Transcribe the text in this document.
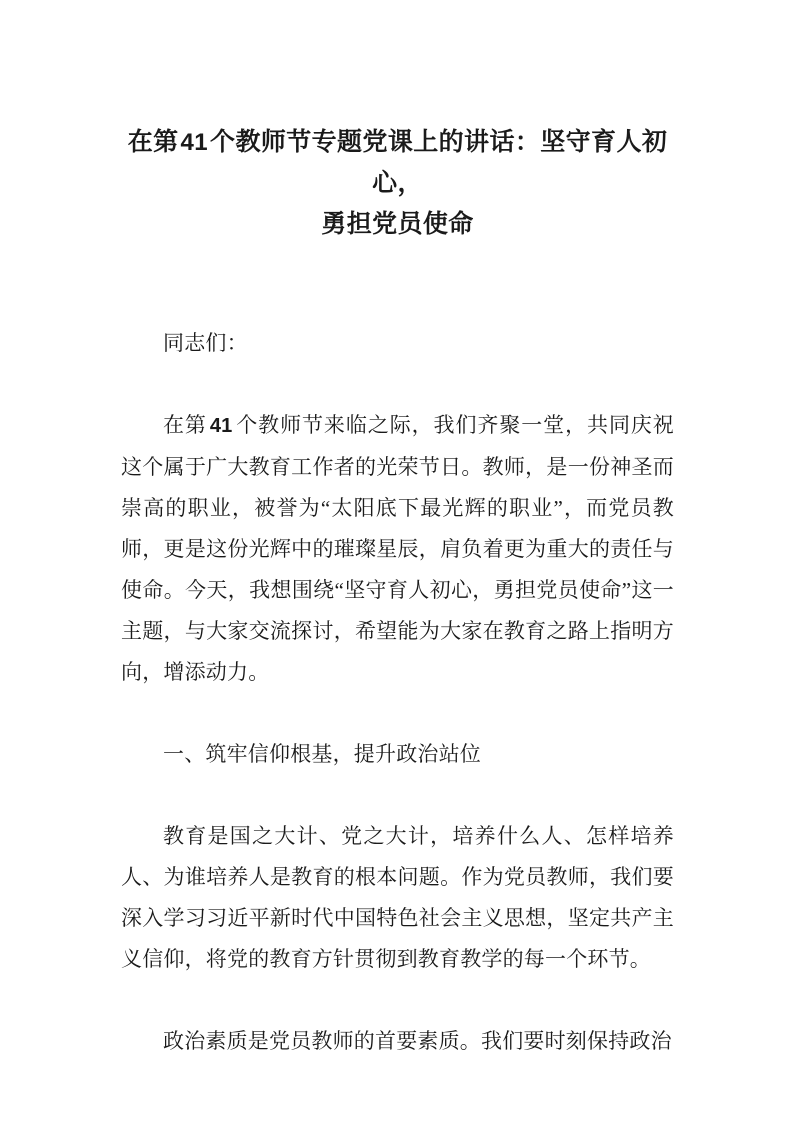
在第41个教师节专题党课上的讲话：坚守育人初心，
勇担党员使命

同志们：

在第 41 个教师节来临之际，我们齐聚一堂，共同庆祝这个属于广大教育工作者的光荣节日。教师，是一份神圣而崇高的职业，被誉为“太阳底下最光辉的职业”，而党员教师，更是这份光辉中的璀璨星辰，肩负着更为重大的责任与使命。今天，我想围绕“坚守育人初心，勇担党员使命”这一主题，与大家交流探讨，希望能为大家在教育之路上指明方向，增添动力。

一、筑牢信仰根基，提升政治站位

教育是国之大计、党之大计，培养什么人、怎样培养人、为谁培养人是教育的根本问题。作为党员教师，我们要深入学习习近平新时代中国特色社会主义思想，坚定共产主义信仰，将党的教育方针贯彻到教育教学的每一个环节。

政治素质是党员教师的首要素质。我们要时刻保持政治
